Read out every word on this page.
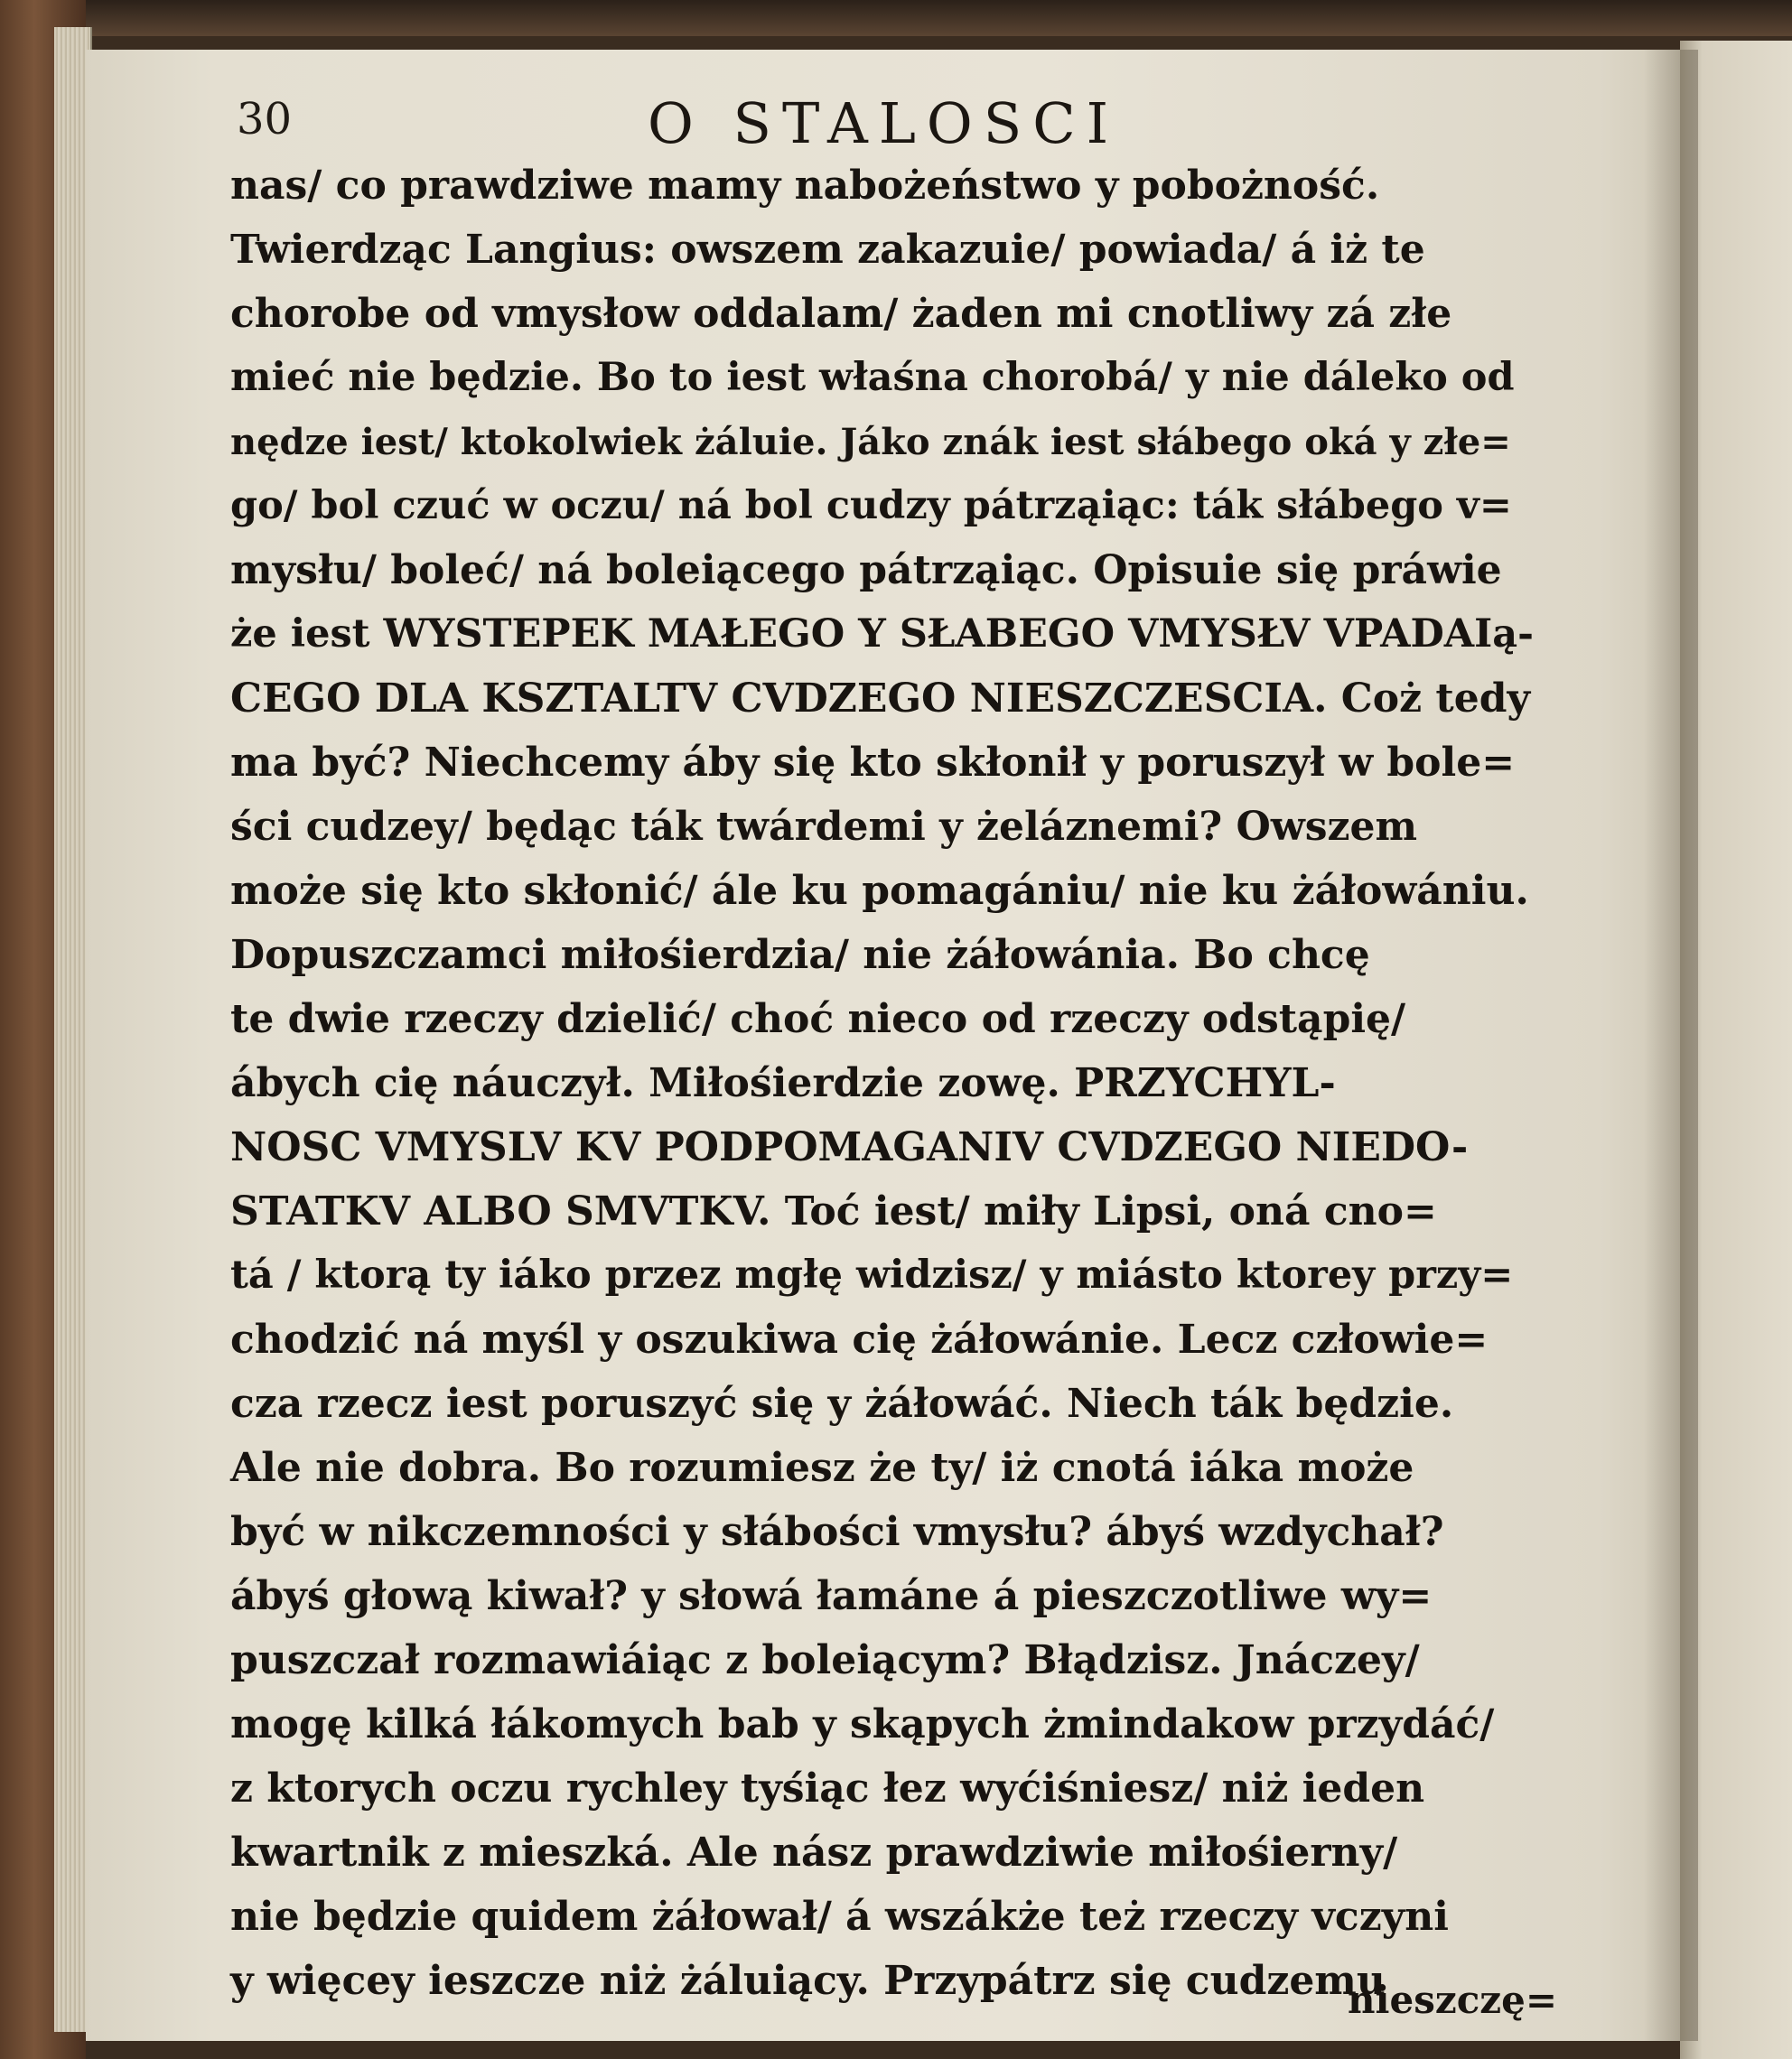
30	O STALOSCI
nas/ co prawdziwe mamy nabożeństwo y pobożność.
Twierdząc Langius: owszem zakazuie/ powiada/ á iż te
chorobe od vmysłow oddalam/ żaden mi cnotliwy zá złe
mieć nie będzie. Bo to iest właśna chorobá/ y nie dáleko od
nędze iest/ ktokolwiek żáluie. Jáko znák iest słábego oká y złe=
go/ bol czuć w oczu/ ná bol cudzy pátrząiąc: ták słábego v=
mysłu/ boleć/ ná boleiącego pátrząiąc. Opisuie się práwie
że iest WYSTEPEK MAŁEGO Y SŁABEGO VMYSŁV VPADAIą-
CEGO DLA KSZTALTV CVDZEGO NIESZCZESCIA. Coż tedy
ma być? Niechcemy áby się kto skłonił y poruszył w bole=
ści cudzey/ będąc ták twárdemi y żeláznemi? Owszem
może się kto skłonić/ ále ku pomagániu/ nie ku żáłowániu.
Dopuszczamci miłośierdzia/ nie żáłowánia. Bo chcę
te dwie rzeczy dzielić/ choć nieco od rzeczy odstąpię/
ábych cię náuczył. Miłośierdzie zowę. PRZYCHYL-
NOSC VMYSLV KV PODPOMAGANIV CVDZEGO NIEDO-
STATKV ALBO SMVTKV. Toć iest/ miły Lipsi, oná cno=
tá / ktorą ty iáko przez mgłę widzisz/ y miásto ktorey przy=
chodzić ná myśl y oszukiwa cię żáłowánie. Lecz człowie=
cza rzecz iest poruszyć się y żáłowáć. Niech ták będzie.
Ale nie dobra. Bo rozumiesz że ty/ iż cnotá iáka może
być w nikczemności y słábości vmysłu? ábyś wzdychał?
ábyś głową kiwał? y słowá łamáne á pieszczotliwe wy=
puszczał rozmawiáiąc z boleiącym? Błądzisz. Jnáczey/
mogę kilká łákomych bab y skąpych żmindakow przydáć/
z ktorych oczu rychley tyśiąc łez wyćiśniesz/ niż ieden
kwartnik z mieszká. Ale nász prawdziwie miłośierny/
nie będzie quidem żáłował/ á wszákże też rzeczy vczyni
y więcey ieszcze niż żáluiący. Przypátrz się cudzemu
nieszczę=
